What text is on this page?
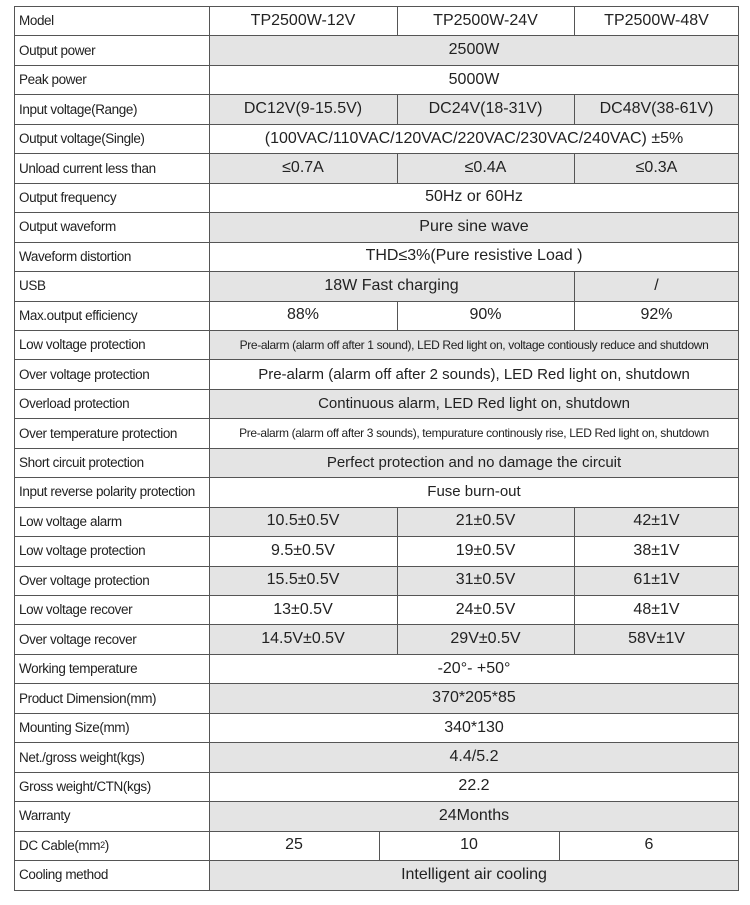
Model	TP2500W-12V	TP2500W-24V	TP2500W-48V
Output power	2500W
Peak power	5000W
Input voltage(Range)	DC12V(9-15.5V)	DC24V(18-31V)	DC48V(38-61V)
Output voltage(Single)	(100VAC/110VAC/120VAC/220VAC/230VAC/240VAC) ±5%
Unload current less than	≤0.7A	≤0.4A	≤0.3A
Output frequency	50Hz or 60Hz
Output waveform	Pure sine wave
Waveform distortion	THD≤3%(Pure resistive Load )
USB	18W Fast charging	/
Max.output efficiency	88%	90%	92%
Low voltage protection	Pre-alarm (alarm off after 1 sound), LED Red light on, voltage contiously reduce and shutdown
Over voltage protection	Pre-alarm (alarm off after 2 sounds), LED Red light on, shutdown
Overload protection	Continuous alarm, LED Red light on, shutdown
Over temperature protection	Pre-alarm (alarm off after 3 sounds), tempurature continously rise, LED Red light on, shutdown
Short circuit protection	Perfect protection and no damage the circuit
Input reverse polarity protection	Fuse burn-out
Low voltage alarm	10.5±0.5V	21±0.5V	42±1V
Low voltage protection	9.5±0.5V	19±0.5V	38±1V
Over voltage protection	15.5±0.5V	31±0.5V	61±1V
Low voltage recover	13±0.5V	24±0.5V	48±1V
Over voltage recover	14.5V±0.5V	29V±0.5V	58V±1V
Working temperature	-20°- +50°
Product Dimension(mm)	370*205*85
Mounting Size(mm)	340*130
Net./gross weight(kgs)	4.4/5.2
Gross weight/CTN(kgs)	22.2
Warranty	24Months
DC Cable(mm 2 )	25	10	6
Cooling method	Intelligent air cooling
